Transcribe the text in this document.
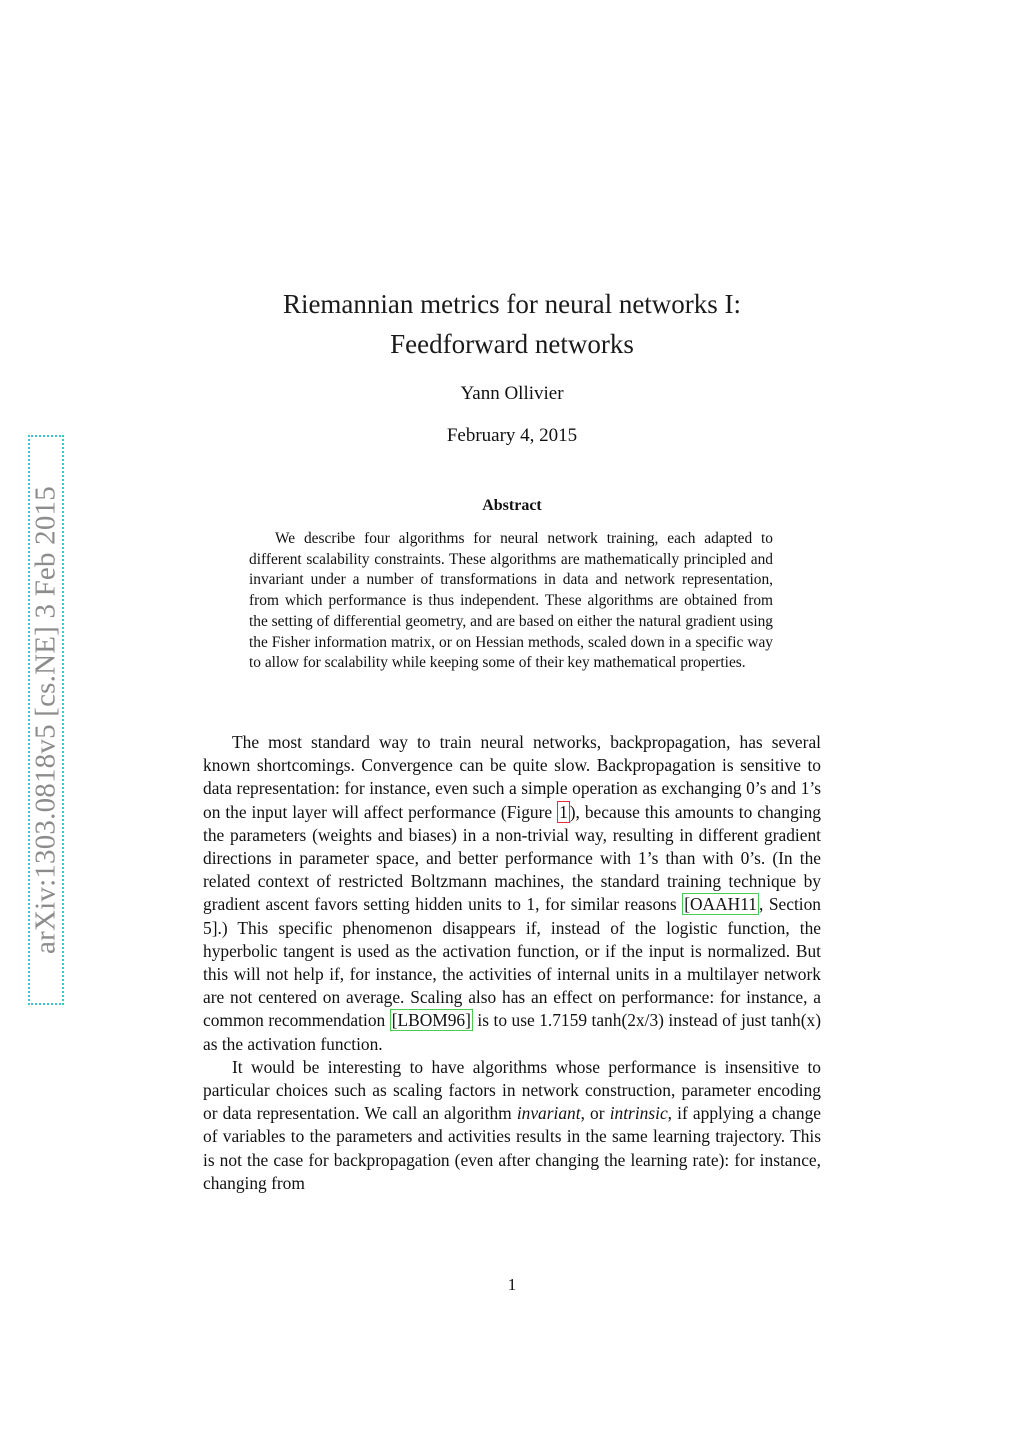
arXiv:1303.0818v5 [cs.NE] 3 Feb 2015
Riemannian metrics for neural networks I:
Feedforward networks
Yann Ollivier
February 4, 2015
Abstract
We describe four algorithms for neural network training, each adapted to different scalability constraints. These algorithms are mathematically principled and invariant under a number of transformations in data and network representation, from which performance is thus independent. These algorithms are obtained from the setting of differential geometry, and are based on either the natural gradient using the Fisher information matrix, or on Hessian methods, scaled down in a specific way to allow for scalability while keeping some of their key mathematical properties.

The most standard way to train neural networks, backpropagation, has several known shortcomings. Convergence can be quite slow. Backpropagation is sensitive to data representation: for instance, even such a simple operation as exchanging 0’s and 1’s on the input layer will affect performance (Figure 1 ), because this amounts to changing the parameters (weights and biases) in a non-trivial way, resulting in different gradient directions in parameter space, and better performance with 1’s than with 0’s. (In the related context of restricted Boltzmann machines, the standard training technique by gradient ascent favors setting hidden units to 1, for similar reasons [OAAH11 , Section 5].) This specific phenomenon disappears if, instead of the logistic function, the hyperbolic tangent is used as the activation function, or if the input is normalized. But this will not help if, for instance, the activities of internal units in a multilayer network are not centered on average. Scaling also has an effect on performance: for instance, a common recommendation [LBOM96] is to use 1.7159 tanh(2x/3) instead of just tanh(x) as the activation function.

It would be interesting to have algorithms whose performance is insensitive to particular choices such as scaling factors in network construction, parameter encoding or data representation. We call an algorithm invariant, or intrinsic, if applying a change of variables to the parameters and activities results in the same learning trajectory. This is not the case for backpropagation (even after changing the learning rate): for instance, changing from

1
